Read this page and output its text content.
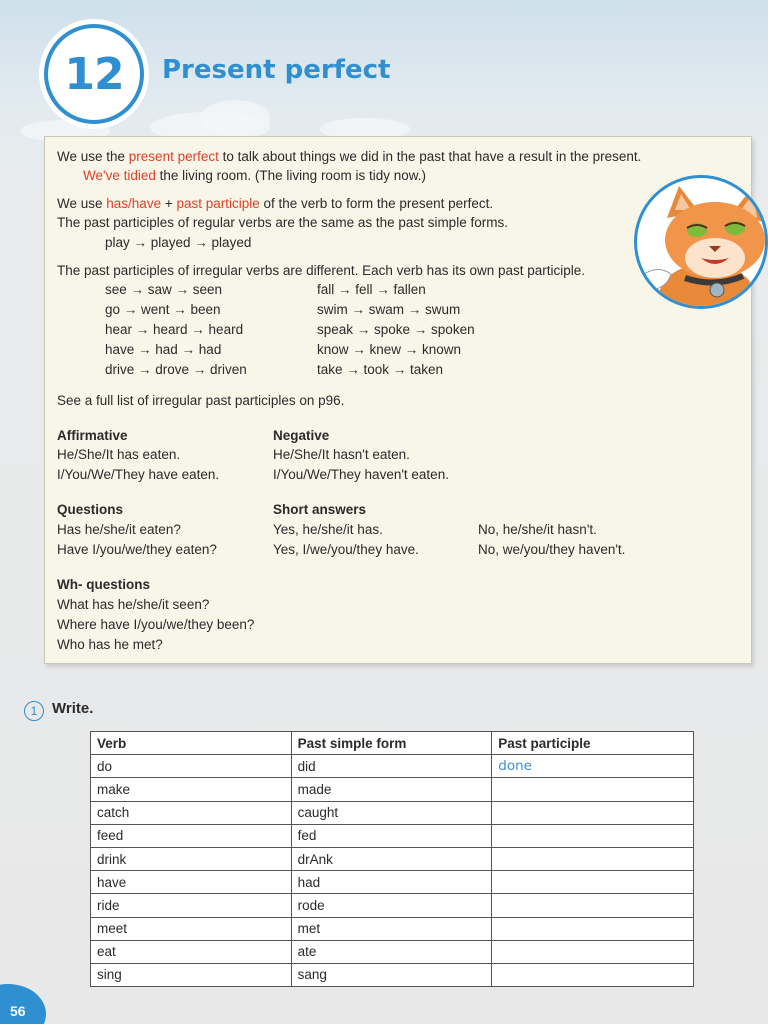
12 Present perfect
We use the present perfect to talk about things we did in the past that have a result in the present.
We've tidied the living room. (The living room is tidy now.)
We use has/have + past participle of the verb to form the present perfect.
The past participles of regular verbs are the same as the past simple forms.
play → played → played
The past participles of irregular verbs are different. Each verb has its own past participle.
see → saw → seen
go → went → been
hear → heard → heard
have → had → had
drive → drove → driven
fall → fell → fallen
swim → swam → swum
speak → spoke → spoken
know → knew → known
take → took → taken
See a full list of irregular past participles on p96.
Affirmative
He/She/It has eaten.
I/You/We/They have eaten.
Negative
He/She/It hasn't eaten.
I/You/We/They haven't eaten.
Questions
Has he/she/it eaten?
Have I/you/we/they eaten?
Short answers
Yes, he/she/it has.
Yes, I/we/you/they have.
No, he/she/it hasn't.
No, we/you/they haven't.
Wh- questions
What has he/she/it seen?
Where have I/you/we/they been?
Who has he met?
1 Write.
Verb	Past simple form	Past participle
do	did	done
make	made	
catch	caught	
feed	fed	
drink	drAnk	
have	had	
ride	rode	
meet	met	
eat	ate	
sing	sang	
56
